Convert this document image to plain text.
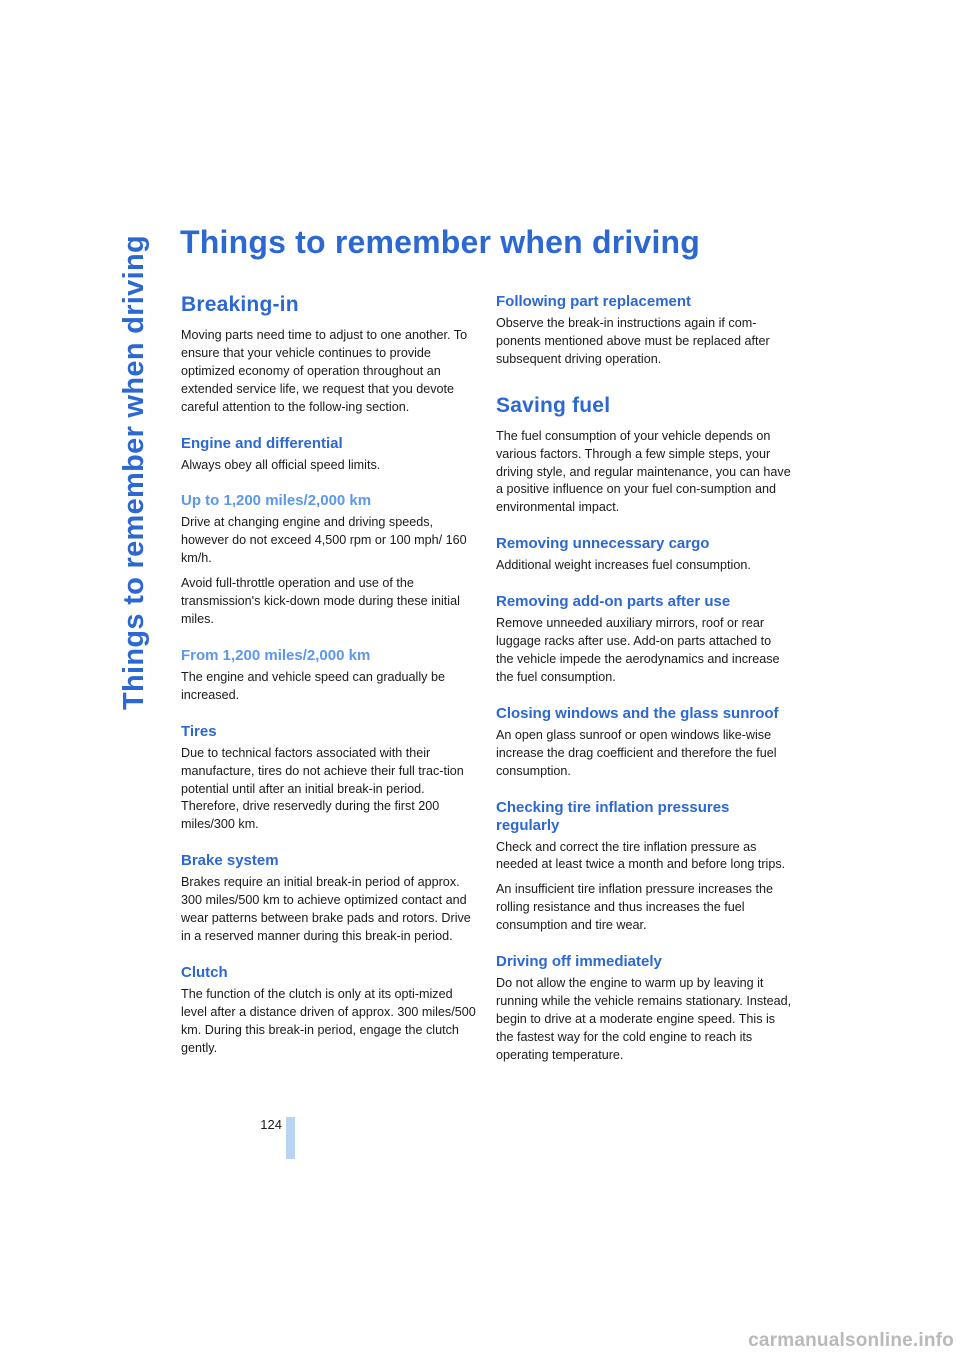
Things to remember when driving Things to remember when driving
Breaking-in

Moving parts need time to adjust to one another. To ensure that your vehicle continues to provide optimized economy of operation throughout an extended service life, we request that you devote careful attention to the follow-ing section.

Engine and differential

Always obey all official speed limits.

Up to 1,200 miles/2,000 km

Drive at changing engine and driving speeds, however do not exceed 4,500 rpm or 100 mph/ 160 km/h.

Avoid full-throttle operation and use of the transmission's kick-down mode during these initial miles.

From 1,200 miles/2,000 km

The engine and vehicle speed can gradually be increased.

Tires

Due to technical factors associated with their manufacture, tires do not achieve their full trac-tion potential until after an initial break-in period. Therefore, drive reservedly during the first 200 miles/300 km.

Brake system

Brakes require an initial break-in period of approx. 300 miles/500 km to achieve optimized contact and wear patterns between brake pads and rotors. Drive in a reserved manner during this break-in period.

Clutch

The function of the clutch is only at its opti-mized level after a distance driven of approx. 300 miles/500 km. During this break-in period, engage the clutch gently.

Following part replacement

Observe the break-in instructions again if com-ponents mentioned above must be replaced after subsequent driving operation.

Saving fuel

The fuel consumption of your vehicle depends on various factors. Through a few simple steps, your driving style, and regular maintenance, you can have a positive influence on your fuel con-sumption and environmental impact.

Removing unnecessary cargo

Additional weight increases fuel consumption.

Removing add-on parts after use

Remove unneeded auxiliary mirrors, roof or rear luggage racks after use. Add-on parts attached to the vehicle impede the aerodynamics and increase the fuel consumption.

Closing windows and the glass sunroof

An open glass sunroof or open windows like-wise increase the drag coefficient and therefore the fuel consumption.

Checking tire inflation pressures regularly

Check and correct the tire inflation pressure as needed at least twice a month and before long trips.

An insufficient tire inflation pressure increases the rolling resistance and thus increases the fuel consumption and tire wear.

Driving off immediately

Do not allow the engine to warm up by leaving it running while the vehicle remains stationary. Instead, begin to drive at a moderate engine speed. This is the fastest way for the cold engine to reach its operating temperature.

124
carmanualsonline.info
